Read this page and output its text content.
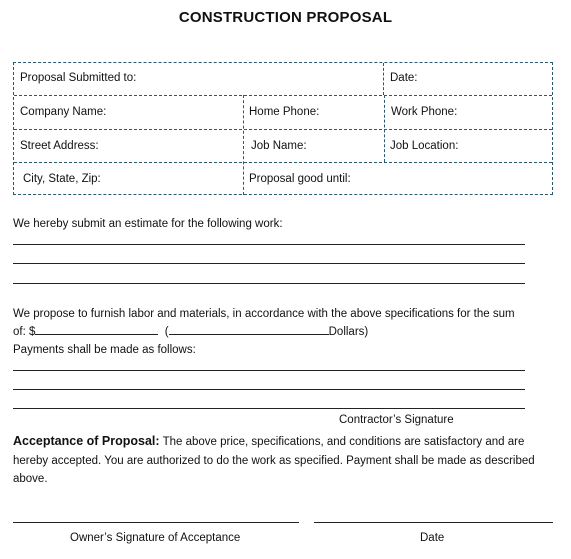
CONSTRUCTION PROPOSAL
Proposal Submitted to:	Date:
Company Name:	Home Phone:	Work Phone:
Street Address:	Job Name:	Job Location:
City, State, Zip:	Proposal good until:
We hereby submit an estimate for the following work:
We propose to furnish labor and materials, in accordance with the above specifications for the sum
of: $	(	Dollars)
Payments shall be made as follows:
Contractor’s Signature
Acceptance of Proposal: The above price, specifications, and conditions are satisfactory and are
hereby accepted. You are authorized to do the work as specified. Payment shall be made as described
above.
Owner’s Signature of Acceptance	Date
